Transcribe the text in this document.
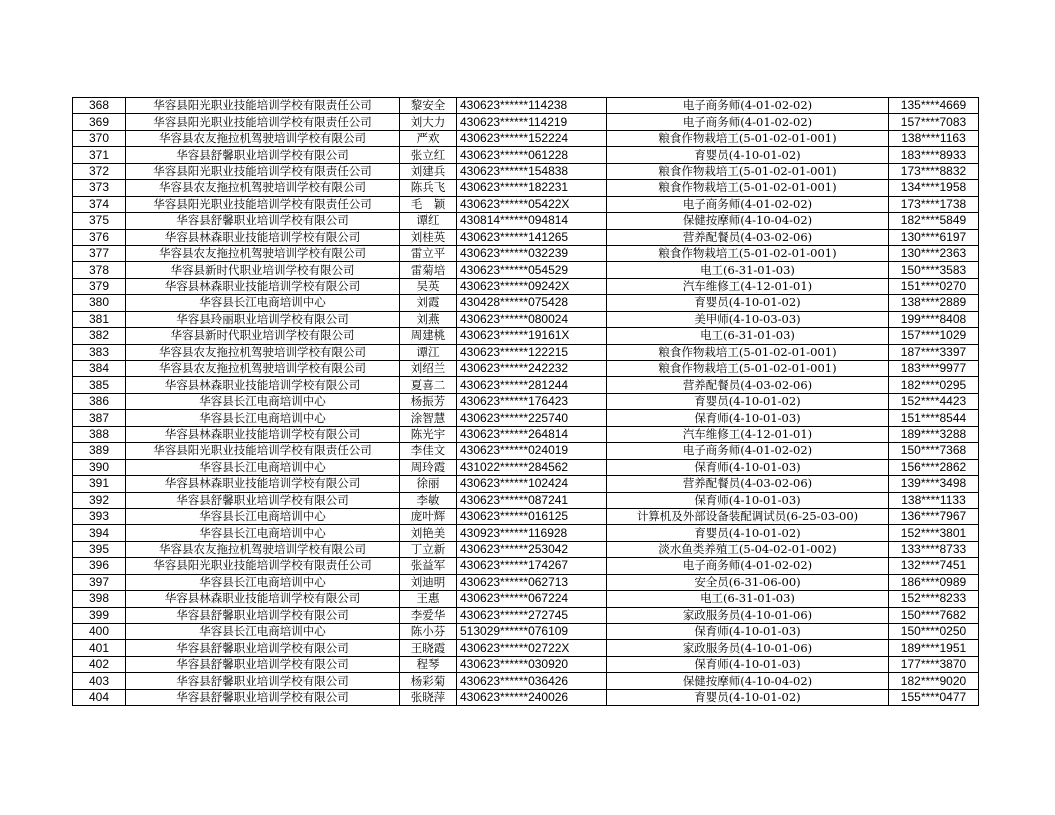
368	华容县阳光职业技能培训学校有限责任公司	黎安全	430623******114238	电子商务师(4-01-02-02)	135****4669
369	华容县阳光职业技能培训学校有限责任公司	刘大力	430623******114219	电子商务师(4-01-02-02)	157****7083
370	华容县农友拖拉机驾驶培训学校有限公司	严欢	430623******152224	粮食作物栽培工(5-01-02-01-001)	138****1163
371	华容县舒馨职业培训学校有限公司	张立红	430623******061228	育婴员(4-10-01-02)	183****8933
372	华容县阳光职业技能培训学校有限责任公司	刘建兵	430623******154838	粮食作物栽培工(5-01-02-01-001)	173****8832
373	华容县农友拖拉机驾驶培训学校有限公司	陈兵飞	430623******182231	粮食作物栽培工(5-01-02-01-001)	134****1958
374	华容县阳光职业技能培训学校有限责任公司	毛　颖	430623******05422X	电子商务师(4-01-02-02)	173****1738
375	华容县舒馨职业培训学校有限公司	谭红	430814******094814	保健按摩师(4-10-04-02)	182****5849
376	华容县林森职业技能培训学校有限公司	刘桂英	430623******141265	营养配餐员(4-03-02-06)	130****6197
377	华容县农友拖拉机驾驶培训学校有限公司	雷立平	430623******032239	粮食作物栽培工(5-01-02-01-001)	130****2363
378	华容县新时代职业培训学校有限公司	雷菊培	430623******054529	电工(6-31-01-03)	150****3583
379	华容县林森职业技能培训学校有限公司	吴英	430623******09242X	汽车维修工(4-12-01-01)	151****0270
380	华容县长江电商培训中心	刘霞	430428******075428	育婴员(4-10-01-02)	138****2889
381	华容县玲丽职业培训学校有限公司	刘燕	430623******080024	美甲师(4-10-03-03)	199****8408
382	华容县新时代职业培训学校有限公司	周建桃	430623******19161X	电工(6-31-01-03)	157****1029
383	华容县农友拖拉机驾驶培训学校有限公司	谭江	430623******122215	粮食作物栽培工(5-01-02-01-001)	187****3397
384	华容县农友拖拉机驾驶培训学校有限公司	刘绍兰	430623******242232	粮食作物栽培工(5-01-02-01-001)	183****9977
385	华容县林森职业技能培训学校有限公司	夏喜二	430623******281244	营养配餐员(4-03-02-06)	182****0295
386	华容县长江电商培训中心	杨振芳	430623******176423	育婴员(4-10-01-02)	152****4423
387	华容县长江电商培训中心	涂智慧	430623******225740	保育师(4-10-01-03)	151****8544
388	华容县林森职业技能培训学校有限公司	陈光宇	430623******264814	汽车维修工(4-12-01-01)	189****3288
389	华容县阳光职业技能培训学校有限责任公司	李佳文	430623******024019	电子商务师(4-01-02-02)	150****7368
390	华容县长江电商培训中心	周玲霞	431022******284562	保育师(4-10-01-03)	156****2862
391	华容县林森职业技能培训学校有限公司	徐丽	430623******102424	营养配餐员(4-03-02-06)	139****3498
392	华容县舒馨职业培训学校有限公司	李敏	430623******087241	保育师(4-10-01-03)	138****1133
393	华容县长江电商培训中心	庞叶辉	430623******016125	计算机及外部设备装配调试员(6-25-03-00)	136****7967
394	华容县长江电商培训中心	刘艳美	430923******116928	育婴员(4-10-01-02)	152****3801
395	华容县农友拖拉机驾驶培训学校有限公司	丁立新	430623******253042	淡水鱼类养殖工(5-04-02-01-002)	133****8733
396	华容县阳光职业技能培训学校有限责任公司	张益军	430623******174267	电子商务师(4-01-02-02)	132****7451
397	华容县长江电商培训中心	刘迪明	430623******062713	安全员(6-31-06-00)	186****0989
398	华容县林森职业技能培训学校有限公司	王惠	430623******067224	电工(6-31-01-03)	152****8233
399	华容县舒馨职业培训学校有限公司	李爱华	430623******272745	家政服务员(4-10-01-06)	150****7682
400	华容县长江电商培训中心	陈小芬	513029******076109	保育师(4-10-01-03)	150****0250
401	华容县舒馨职业培训学校有限公司	王晓霞	430623******02722X	家政服务员(4-10-01-06)	189****1951
402	华容县舒馨职业培训学校有限公司	程琴	430623******030920	保育师(4-10-01-03)	177****3870
403	华容县舒馨职业培训学校有限公司	杨彩菊	430623******036426	保健按摩师(4-10-04-02)	182****9020
404	华容县舒馨职业培训学校有限公司	张晓萍	430623******240026	育婴员(4-10-01-02)	155****0477
